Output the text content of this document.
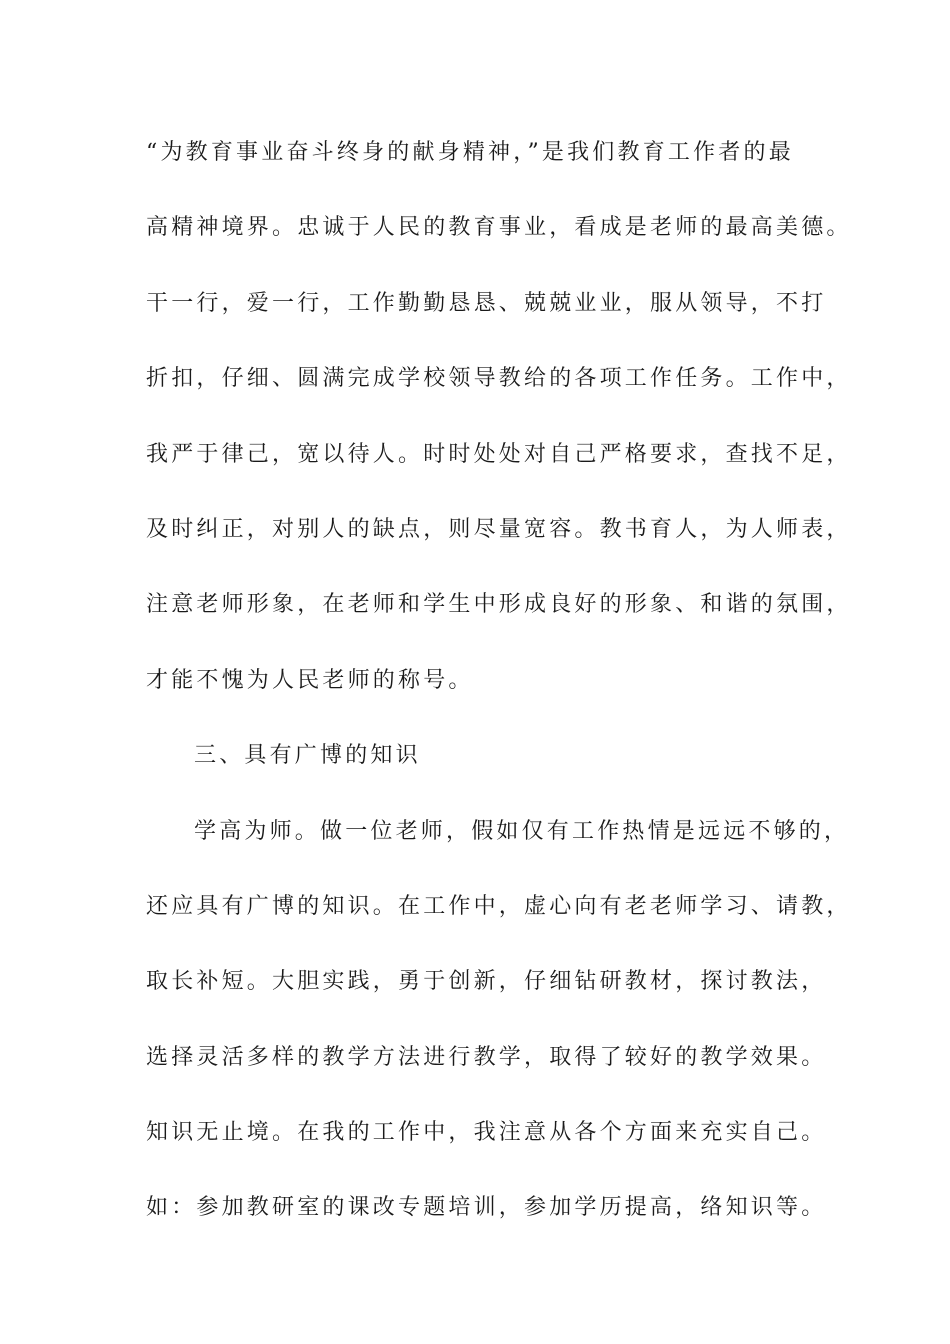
“为教育事业奋斗终身的献身精神，”是我们教育工作者的最
高精神境界。忠诚于人民的教育事业，看成是老师的最高美德。
干一行，爱一行，工作勤勤恳恳、兢兢业业，服从领导，不打
折扣，仔细、圆满完成学校领导教给的各项工作任务。工作中，
我严于律己，宽以待人。时时处处对自己严格要求，查找不足，
及时纠正，对别人的缺点，则尽量宽容。教书育人，为人师表，
注意老师形象，在老师和学生中形成良好的形象、和谐的氛围，
才能不愧为人民老师的称号。
三、具有广博的知识
学高为师。做一位老师，假如仅有工作热情是远远不够的，
还应具有广博的知识。在工作中，虚心向有老老师学习、请教，
取长补短。大胆实践，勇于创新，仔细钻研教材，探讨教法，
选择灵活多样的教学方法进行教学，取得了较好的教学效果。
知识无止境。在我的工作中，我注意从各个方面来充实自己。
如：参加教研室的课改专题培训，参加学历提高，络知识等。
